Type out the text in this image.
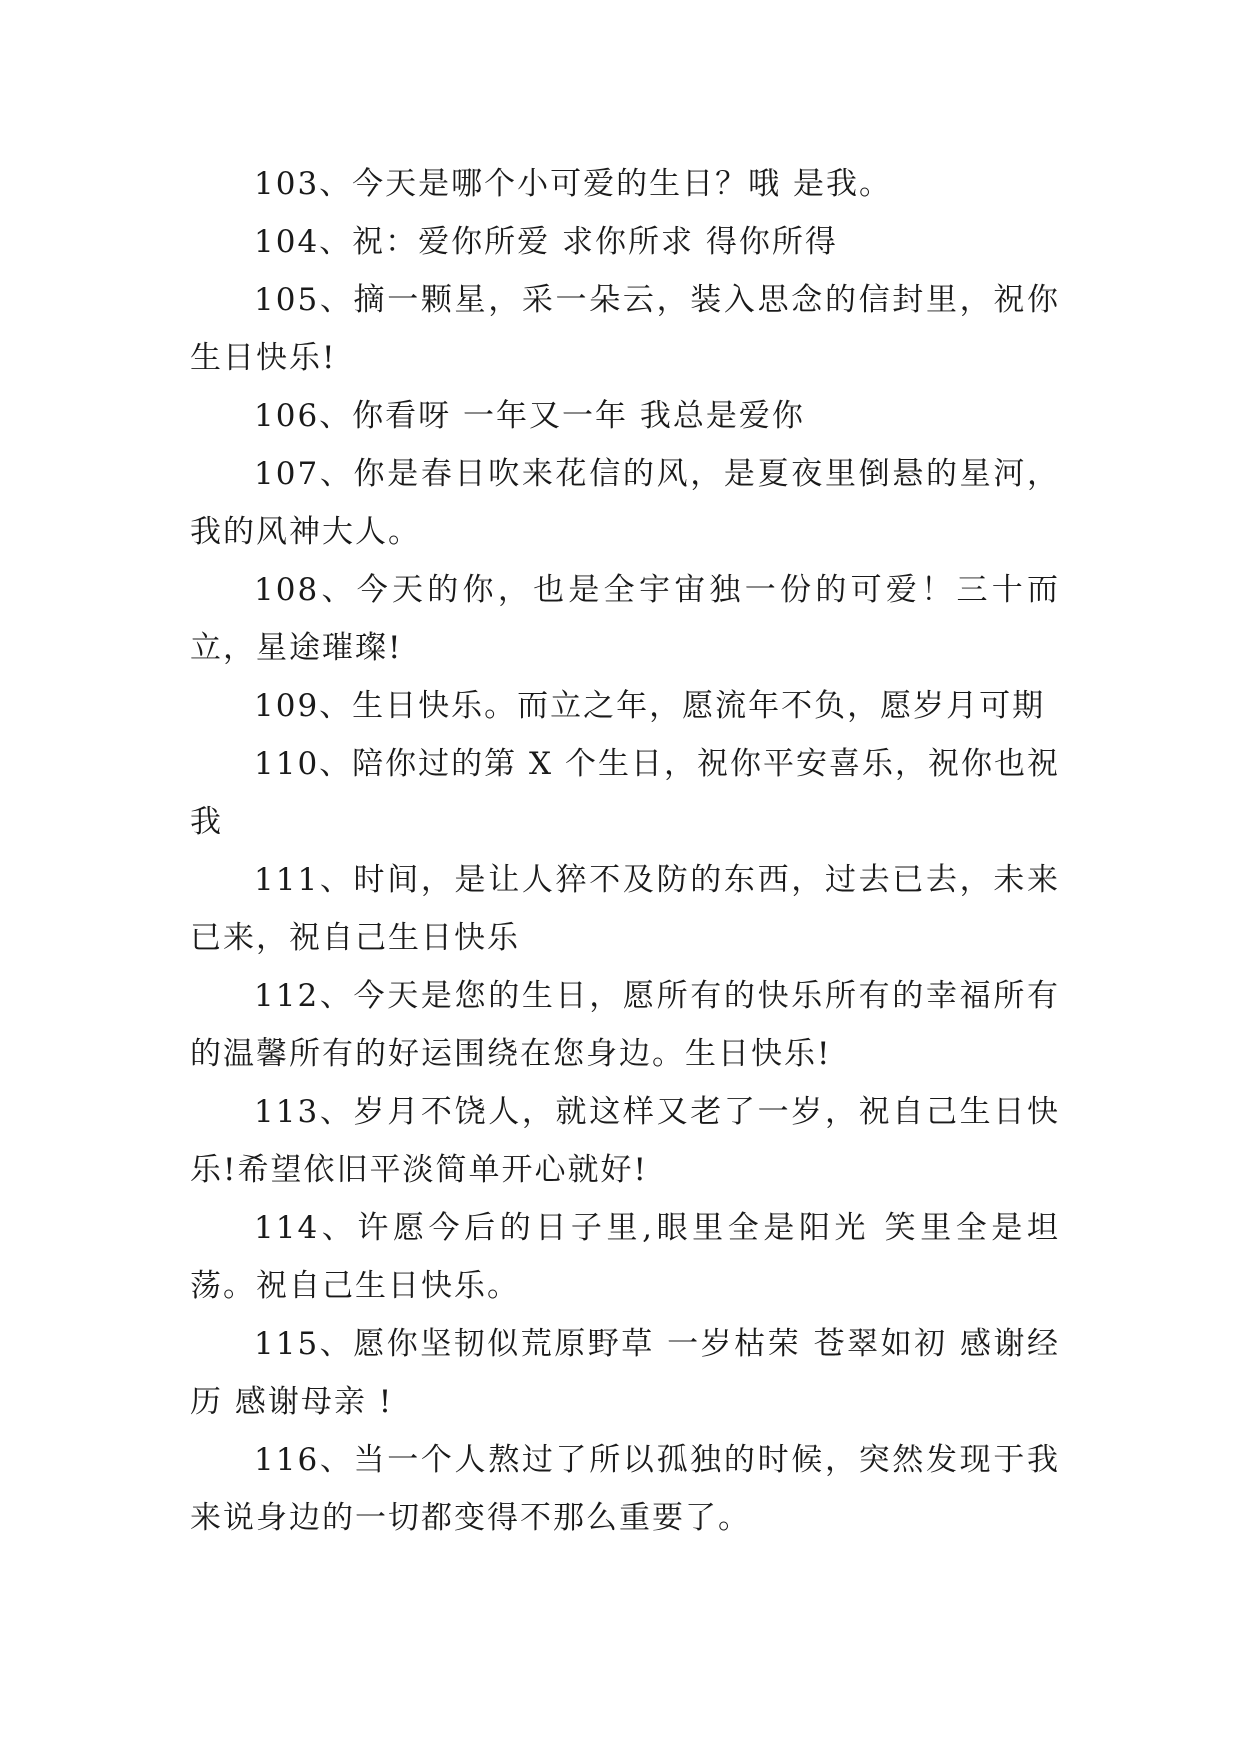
103、今天是哪个小可爱的生日？哦 是我。

104、祝：爱你所爱 求你所求 得你所得

105、摘一颗星，采一朵云，装入思念的信封里，祝你生日快乐!

106、你看呀 一年又一年 我总是爱你

107、你是春日吹来花信的风，是夏夜里倒悬的星河，我的风神大人。

108、今天的你，也是全宇宙独一份的可爱！三十而立，星途璀璨!

109、生日快乐。而立之年，愿流年不负，愿岁月可期

110、陪你过的第 X 个生日，祝你平安喜乐，祝你也祝我

111、时间，是让人猝不及防的东西，过去已去，未来已来，祝自己生日快乐

112、今天是您的生日，愿所有的快乐所有的幸福所有的温馨所有的好运围绕在您身边。生日快乐!

113、岁月不饶人，就这样又老了一岁，祝自己生日快乐!希望依旧平淡简单开心就好!

114、许愿今后的日子里,眼里全是阳光 笑里全是坦荡。祝自己生日快乐。

115、愿你坚韧似荒原野草 一岁枯荣 苍翠如初 感谢经历 感谢母亲 !

116、当一个人熬过了所以孤独的时候，突然发现于我来说身边的一切都变得不那么重要了。
